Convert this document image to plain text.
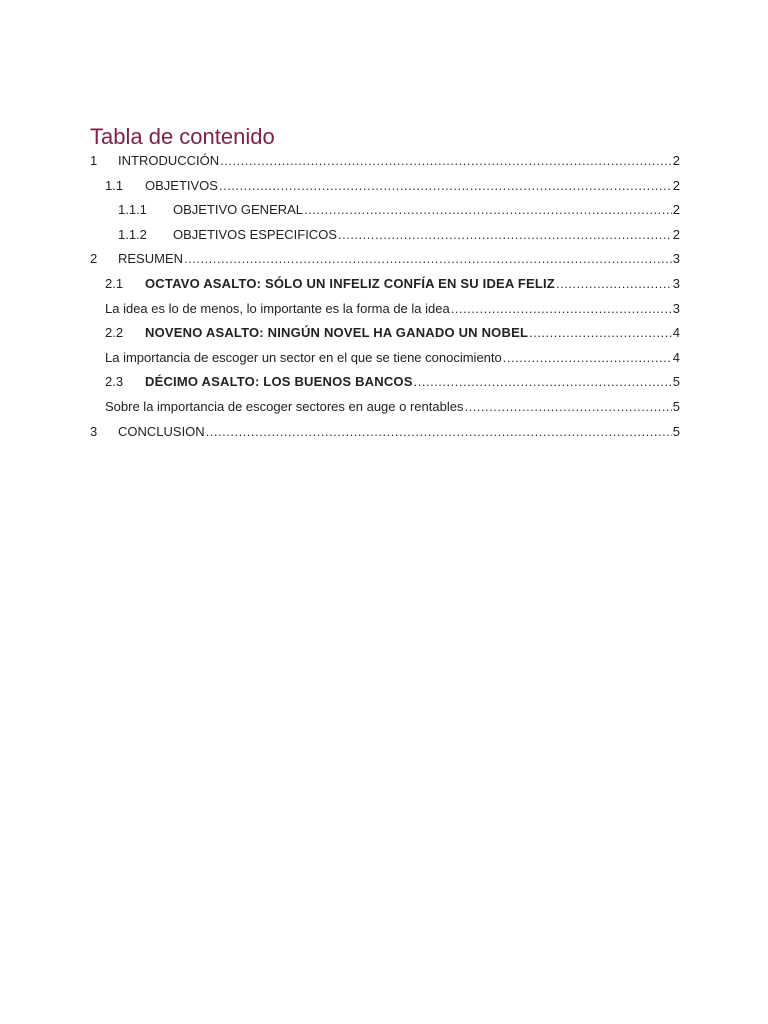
Tabla de contenido
1	INTRODUCCIÓN .....	2
1.1	OBJETIVOS .....	2
1.1.1	OBJETIVO GENERAL .....	2
1.1.2	OBJETIVOS ESPECIFICOS .....	2
2	RESUMEN .....	3
2.1	OCTAVO ASALTO: SÓLO UN INFELIZ CONFÍA EN SU IDEA FELIZ .....	3
La idea es lo de menos, lo importante es la forma de la idea .....	3
2.2	NOVENO ASALTO: NINGÚN NOVEL HA GANADO UN NOBEL .....	4
La importancia de escoger un sector en el que se tiene conocimiento .....	4
2.3	DÉCIMO ASALTO: LOS BUENOS BANCOS .....	5
Sobre la importancia de escoger sectores en auge o rentables .....	5
3	CONCLUSION .....	5
